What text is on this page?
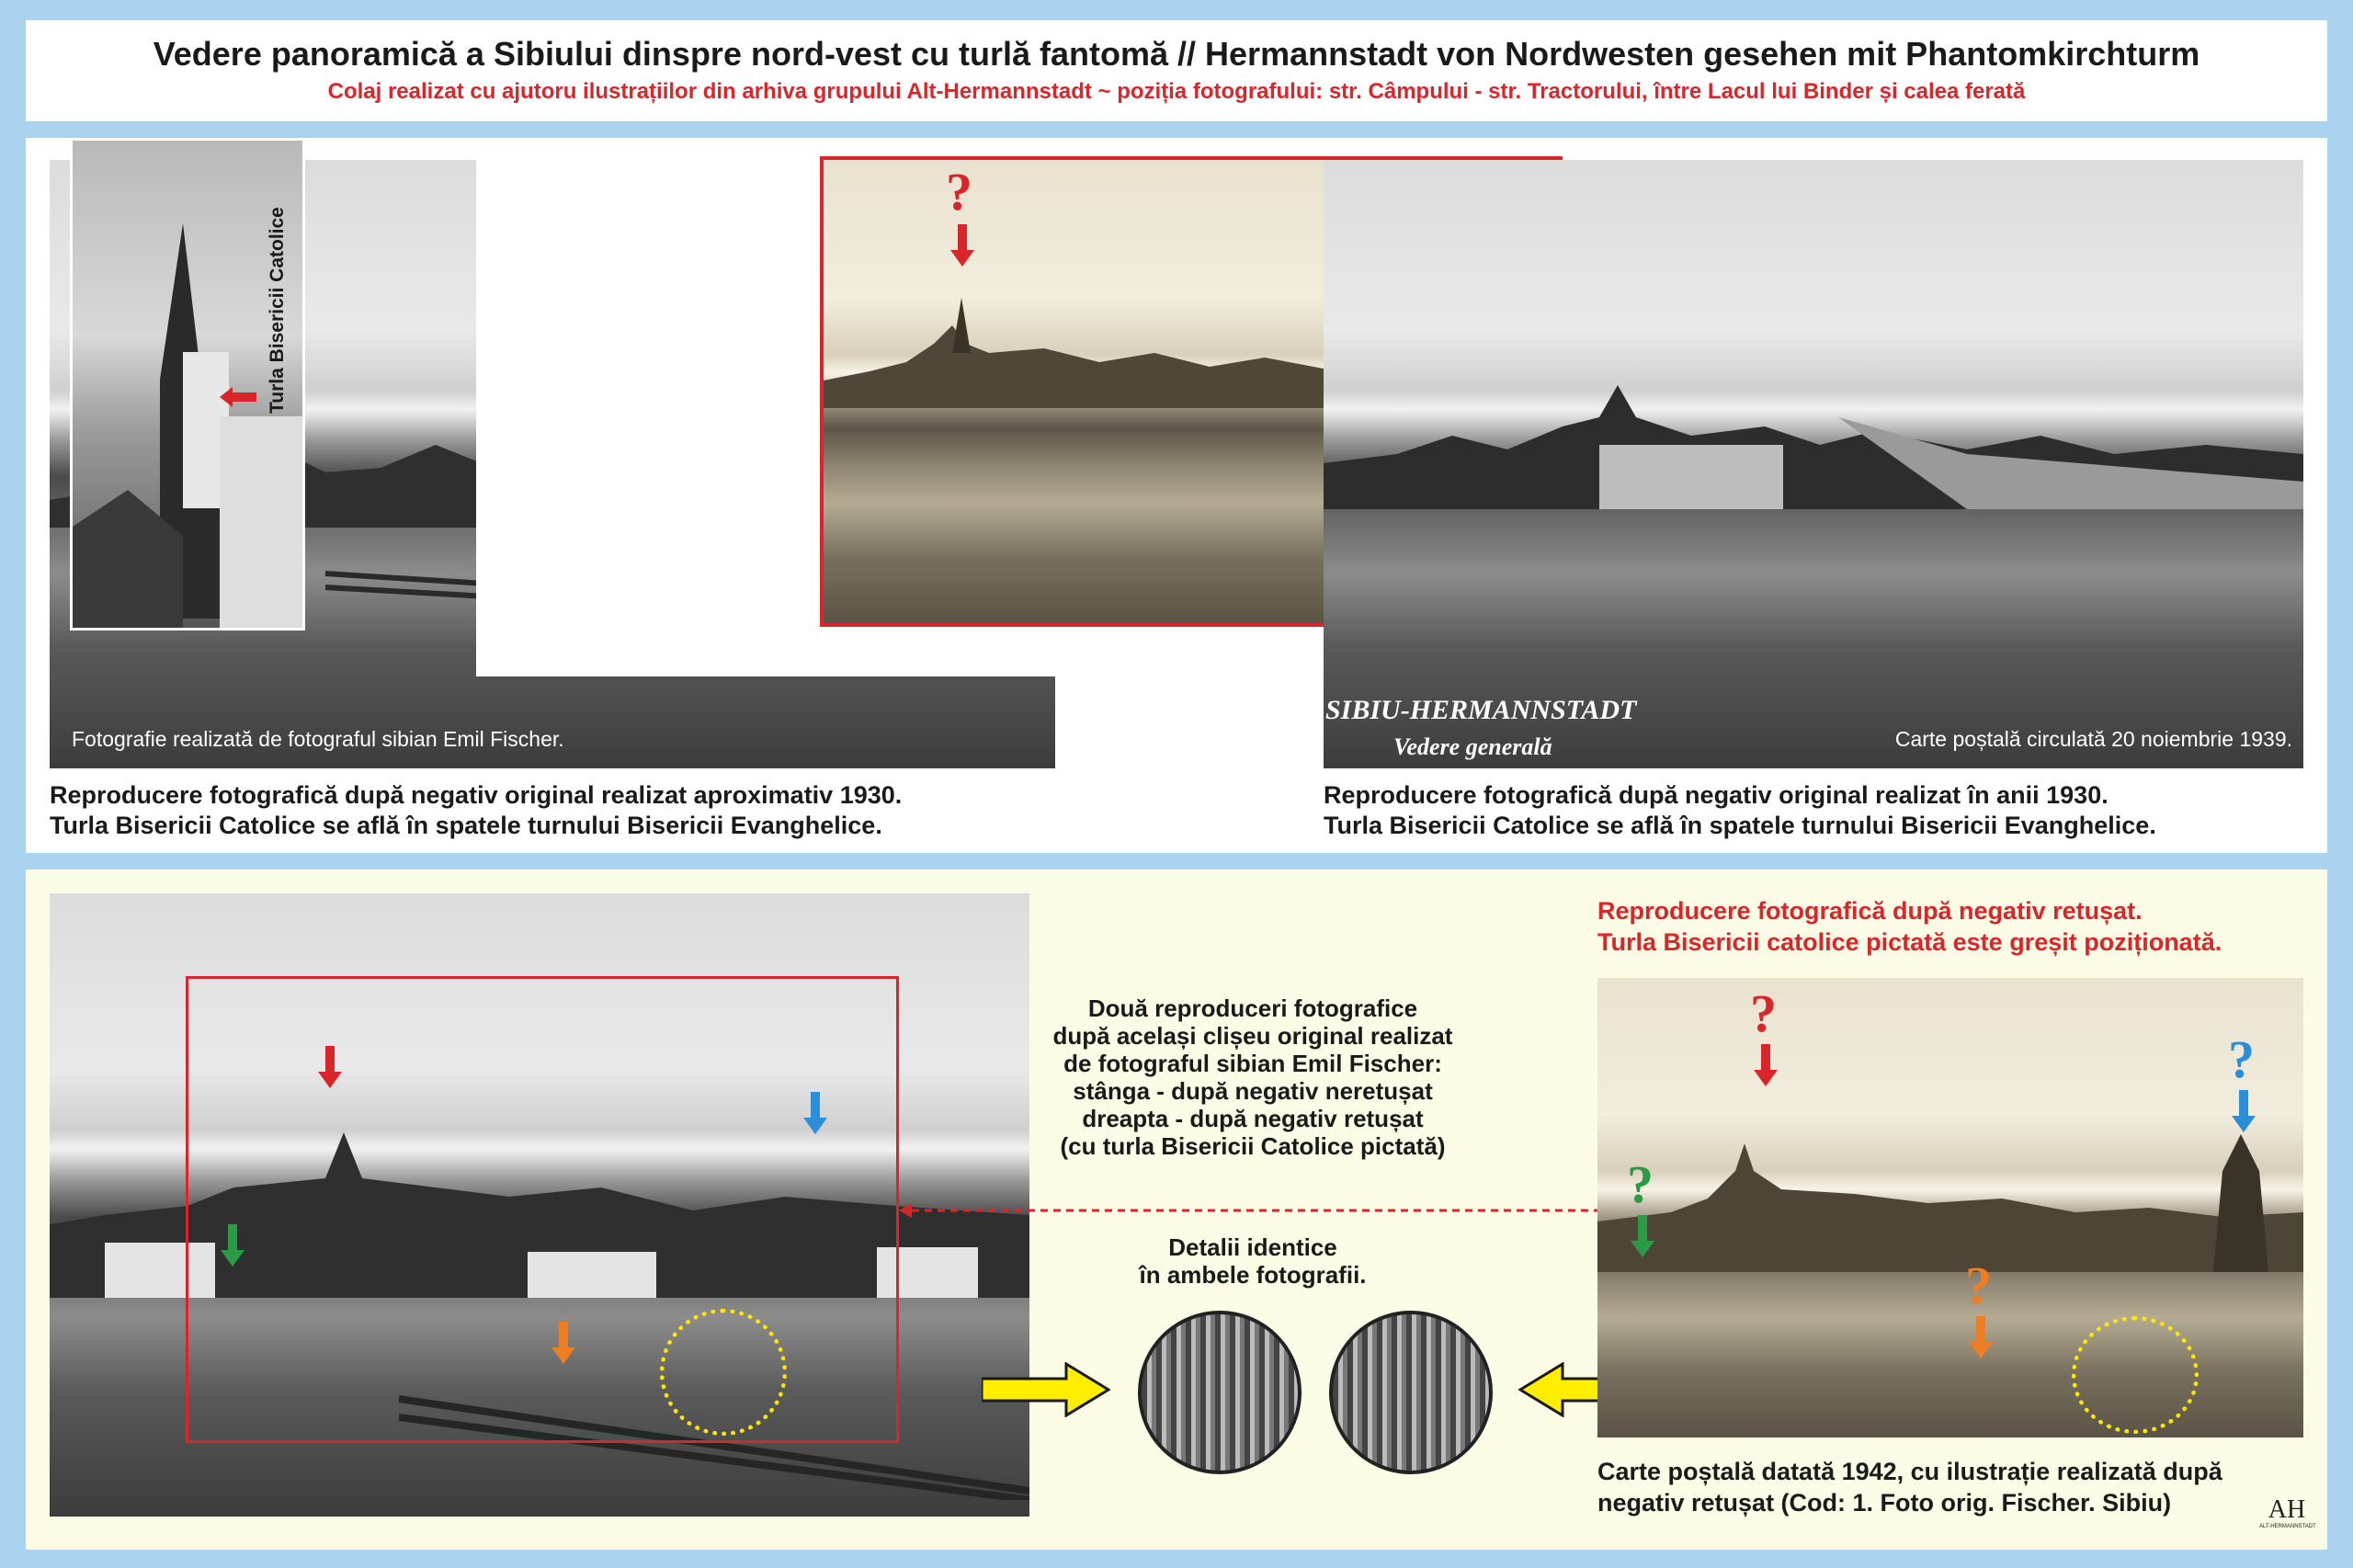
Vedere panoramică a Sibiului dinspre nord-vest cu turlă fantomă // Hermannstadt von Nordwesten gesehen mit Phantomkirchturm
Colaj realizat cu ajutoru ilustrațiilor din arhiva grupului Alt-Hermannstadt ~ poziția fotografului: str. Câmpului - str. Tractorului, între Lacul lui Binder și calea ferată
Fotografie realizată de fotograful sibian Emil Fischer.
Turla Bisericii Catolice
?
SIBIU-HERMANNSTADT
Vedere generală	Carte poștală circulată 20 noiembrie 1939.
Reproducere fotografică după negativ original realizat aproximativ 1930.
Turla Bisericii Catolice se află în spatele turnului Bisericii Evanghelice.
Reproducere fotografică după negativ original realizat în anii 1930.
Turla Bisericii Catolice se află în spatele turnului Bisericii Evanghelice.
Două reproduceri fotografice
după același clișeu original realizat
de fotograful sibian Emil Fischer:
stânga - după negativ neretușat
dreapta - după negativ retușat
(cu turla Bisericii Catolice pictată)
Detalii identice
în ambele fotografii.
Reproducere fotografică după negativ retușat.
Turla Bisericii catolice pictată este greșit poziționată.
?
?
?
?
Carte poștală datată 1942, cu ilustrație realizată după
negativ retușat (Cod: 1. Foto orig. Fischer. Sibiu)	AH
ALT-HERMANNSTADT
